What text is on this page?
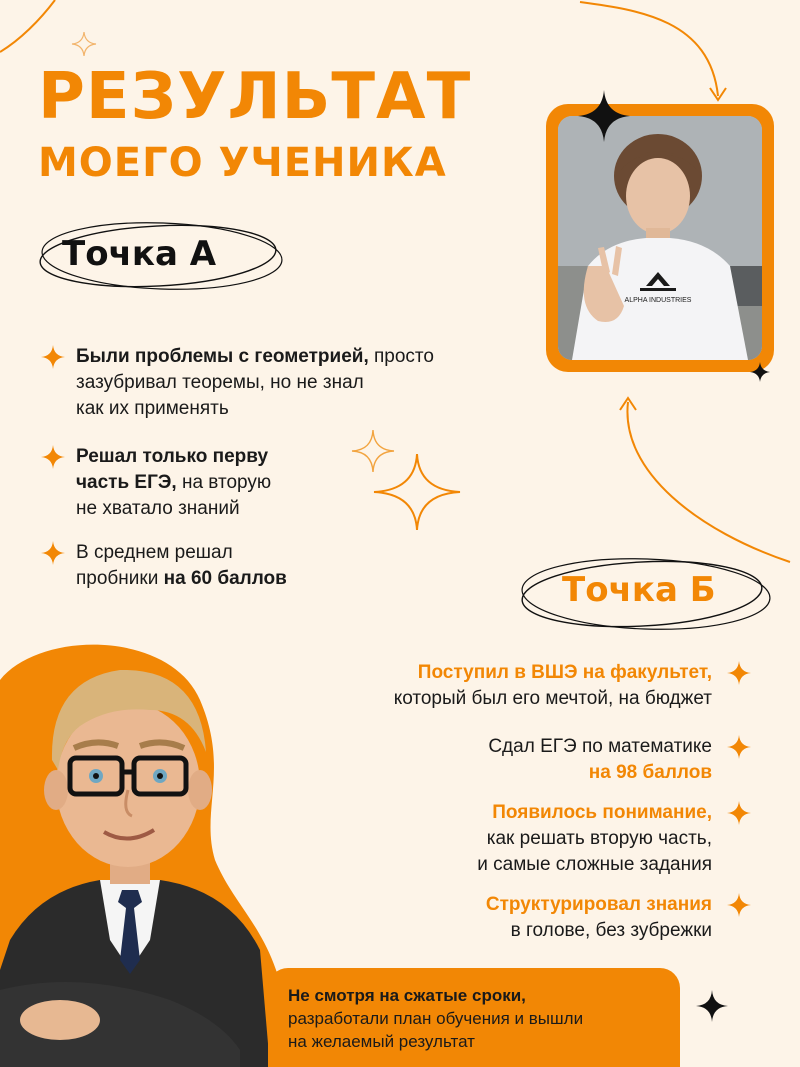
РЕЗУЛЬТАТ
МОЕГО УЧЕНИКА
ALPHA INDUSTRIES
Точка А
Были проблемы с геометрией, просто
зазубривал теоремы, но не знал
как их применять
Решал только перву
часть ЕГЭ, на вторую
не хватало знаний
В среднем решал
пробники на 60 баллов	Точка Б
Поступил в ВШЭ на факультет,
который был его мечтой, на бюджет
Сдал ЕГЭ по математике
на 98 баллов
Появилось понимание,
как решать вторую часть,
и самые сложные задания
Структурировал знания
в голове, без зубрежки
Не смотря на сжатые сроки,
разработали план обучения и вышли
на желаемый результат
